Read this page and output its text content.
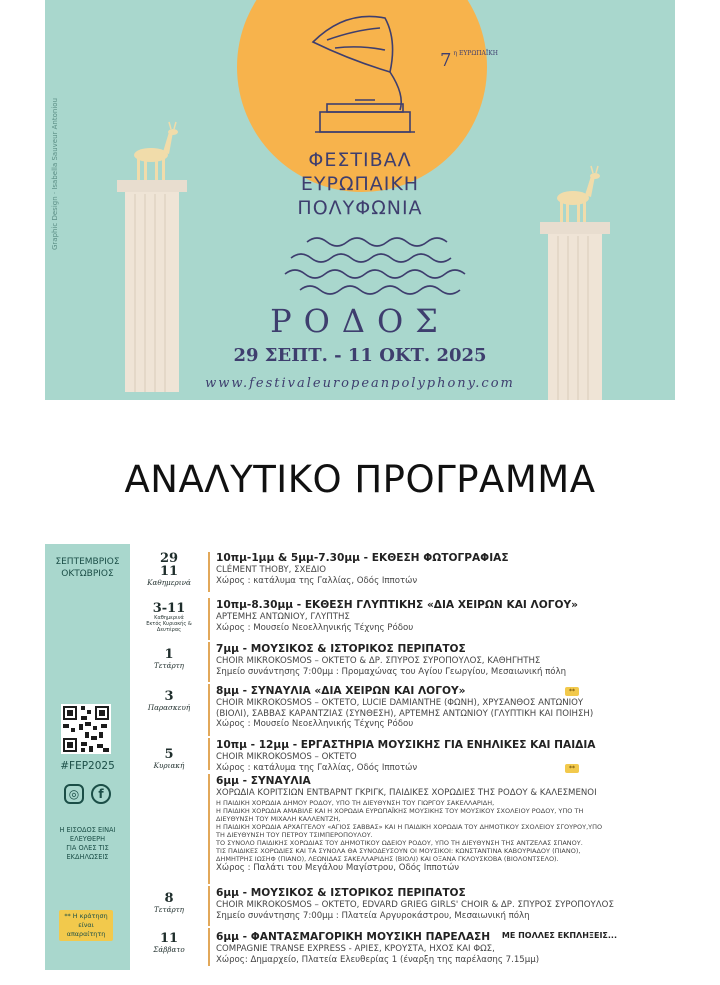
Graphic Design · Isabella Sauveur Antoniou
7 $^{\eta E\Upsilon P\Omega\Pi AΪKH}$
ΦΕΣΤΙΒΑΛ
ΕΥΡΩΠΑΙΚΗ
ΠΟΛΥΦΩΝΙΑ
ΡΟΔΟΣ
29 ΣΕΠΤ. - 11 ΟΚΤ. 2025
www.festivaleuropeanpolyphony.com
ΑΝΑΛΥΤΙΚΟ ΠΡΟΓΡΑΜΜΑ
ΣΕΠΤΕΜΒΡΙΟΣ
ΟΚΤΩΒΡΙΟΣ
#FEP2025
◎	f
Η ΕΙΣΟΔΟΣ ΕΙΝΑΙ
ΕΛΕΥΘΕΡΗ
ΓΙΑ ΟΛΕΣ ΤΙΣ
ΕΚΔΗΛΩΣΕΙΣ
** Η κράτηση
είναι
απαραίτητη
29
11
Καθημερινά
3-11
Καθημερινά
Εκτός Κυριακής &
Δευτέρας
1
Τετάρτη
3
Παρασκευή
5
Κυριακή
8
Τετάρτη
11
Σάββατο
10πμ-1μμ & 5μμ-7.30μμ - ΕΚΘΕΣΗ ΦΩΤΟΓΡΑΦΙΑΣ
CLÉMENT THOBY, ΣΧΕΔΙΟ
Χώρος : κατάλυμα της Γαλλίας, Οδός Ιπποτών
10πμ-8.30μμ - ΕΚΘΕΣΗ ΓΛΥΠΤΙΚΗΣ «ΔΙΑ ΧΕΙΡΩΝ ΚΑΙ ΛΟΓΟΥ»
ΑΡΤΕΜΗΣ ΑΝΤΩΝΙΟΥ, ΓΛΥΠΤΗΣ
Χώρος : Μουσείο Νεοελληνικής Τέχνης Ρόδου
7μμ - ΜΟΥΣΙΚΟΣ & ΙΣΤΟΡΙΚΟΣ ΠΕΡΙΠΑΤΟΣ
CHOIR MIKROKOSMOS – ΟΚΤΕΤΟ & ΔΡ. ΣΠΥΡΟΣ ΣΥΡΟΠΟΥΛΟΣ, ΚΑΘΗΓΗΤΗΣ
Σημείο συνάντησης 7:00μμ : Προμαχώνας του Αγίου Γεωργίου, Μεσαιωνική πόλη
8μμ - ΣΥΝΑΥΛΙΑ «ΔΙΑ ΧΕΙΡΩΝ ΚΑΙ ΛΟΓΟΥ»
CHOIR MIKROKOSMOS – ΟΚΤΕΤΟ, LUCIE DAMIANTHE (ΦΩΝΗ), ΧΡΥΣΑΝΘΟΣ ΑΝΤΩΝΙΟΥ
(ΒΙΟΛΙ), ΣΑΒΒΑΣ ΚΑΡΑΝΤΖΙΑΣ (ΣΥΝΘΕΣΗ), ΑΡΤΕΜΗΣ ΑΝΤΩΝΙΟΥ (ΓΛΥΠΤΙΚΗ ΚΑΙ ΠΟΙΗΣΗ)
Χώρος : Μουσείο Νεοελληνικής Τέχνης Ρόδου
**
10πμ - 12μμ - ΕΡΓΑΣΤΗΡΙΑ ΜΟΥΣΙΚΗΣ ΓΙΑ ΕΝΗΛΙΚΕΣ ΚΑΙ ΠΑΙΔΙΑ
CHOIR MIKROKOSMOS – ΟΚΤΕΤΟ
Χώρος : κατάλυμα της Γαλλίας, Οδός Ιπποτών	**
6μμ - ΣΥΝΑΥΛΙΑ
ΧΟΡΩΔΙΑ ΚΟΡΙΤΣΙΩΝ ΕΝΤΒΑΡΝΤ ΓΚΡΙΓΚ, ΠΑΙΔΙΚΕΣ ΧΟΡΩΔΙΕΣ ΤΗΣ ΡΟΔΟΥ & ΚΑΛΕΣΜΕΝΟΙ
Η ΠΑΙΔΙΚΗ ΧΟΡΩΔΙΑ ΔΗΜΟΥ ΡΟΔΟΥ, ΥΠΟ ΤΗ ΔΙΕΥΘΥΝΣΗ ΤΟΥ ΓΙΩΡΓΟΥ ΣΑΚΕΛΛΑΡΙΔΗ,
Η ΠΑΙΔΙΚΗ ΧΟΡΩΔΙΑ ΑΜΑΒΙΛΕ ΚΑΙ Η ΧΟΡΩΔΙΑ ΕΥΡΩΠΑΪΚΗΣ ΜΟΥΣΙΚΗΣ ΤΟΥ ΜΟΥΣΙΚΟΥ ΣΧΟΛΕΙΟΥ ΡΟΔΟΥ, ΥΠΟ ΤΗ
ΔΙΕΥΘΥΝΣΗ ΤΟΥ ΜΙΧΑΛΗ ΚΑΛΛΕΝΤΖΗ,
Η ΠΑΙΔΙΚΗ ΧΟΡΩΔΙΑ ΑΡΧΑΓΓΕΛΟΥ «ΑΓΙΟΣ ΣΑΒΒΑΣ» ΚΑΙ Η ΠΑΙΔΙΚΗ ΧΟΡΩΔΙΑ ΤΟΥ ΔΗΜΟΤΙΚΟΥ ΣΧΟΛΕΙΟΥ ΣΓΟΥΡΟΥ,ΥΠΟ
ΤΗ ΔΙΕΥΘΥΝΣΗ ΤΟΥ ΠΕΤΡΟΥ ΤΣΙΜΠΕΡΟΠΟΥΛΟΥ.
ΤΟ ΣΥΝΟΛΟ ΠΑΙΔΙΚΗΣ ΧΟΡΩΔΙΑΣ ΤΟΥ ΔΗΜΟΤΙΚΟΥ ΩΔΕΙΟΥ ΡΟΔΟΥ, ΥΠΟ ΤΗ ΔΙΕΥΘΥΝΣΗ ΤΗΣ ΑΝΤΖΕΛΑΣ ΣΠΑΝΟΥ.
ΤΙΣ ΠΑΙΔΙΚΕΣ ΧΟΡΩΔΙΕΣ ΚΑΙ ΤΑ ΣΥΝΟΛΑ ΘΑ ΣΥΝΟΔΕΥΣΟΥΝ ΟΙ ΜΟΥΣΙΚΟΙ: ΚΩΝΣΤΑΝΤΙΝΑ ΚΑΒΟΥΡΙΑΔΟΥ (ΠΙΑΝΟ),
ΔΗΜΗΤΡΗΣ ΙΩΣΗΦ (ΠΙΑΝΟ), ΛΕΩΝΙΔΑΣ ΣΑΚΕΛΛΑΡΙΔΗΣ (ΒΙΟΛΙ) ΚΑΙ ΟΞΑΝΑ ΓΚΛΟΥΣΚΟΒΑ (ΒΙΟΛΟΝΤΣΕΛΟ).
Χώρος : Παλάτι του Μεγάλου Μαγίστρου, Οδός Ιπποτών
6μμ - ΜΟΥΣΙΚΟΣ & ΙΣΤΟΡΙΚΟΣ ΠΕΡΙΠΑΤΟΣ
CHOIR MIKROKOSMOS – ΟΚΤΕΤΟ, EDVARD GRIEG GIRLS' CHOIR & ΔΡ. ΣΠΥΡΟΣ ΣΥΡΟΠΟΥΛΟΣ
Σημείο συνάντησης 7:00μμ : Πλατεία Αργυροκάστρου, Μεσαιωνική πόλη
6μμ - ΦΑΝΤΑΣΜΑΓΟΡΙΚΗ ΜΟΥΣΙΚΗ ΠΑΡΕΛΑΣΗ ΜΕ ΠΟΛΛΕΣ ΕΚΠΛΗΞΕΙΣ...
COMPAGNIE TRANSE EXPRESS - ΑΡΙΕΣ, ΚΡΟΥΣΤΑ, ΗΧΟΣ ΚΑΙ ΦΩΣ,
Χώρος: Δημαρχείο, Πλατεία Ελευθερίας 1 (έναρξη της παρέλασης 7.15μμ)
